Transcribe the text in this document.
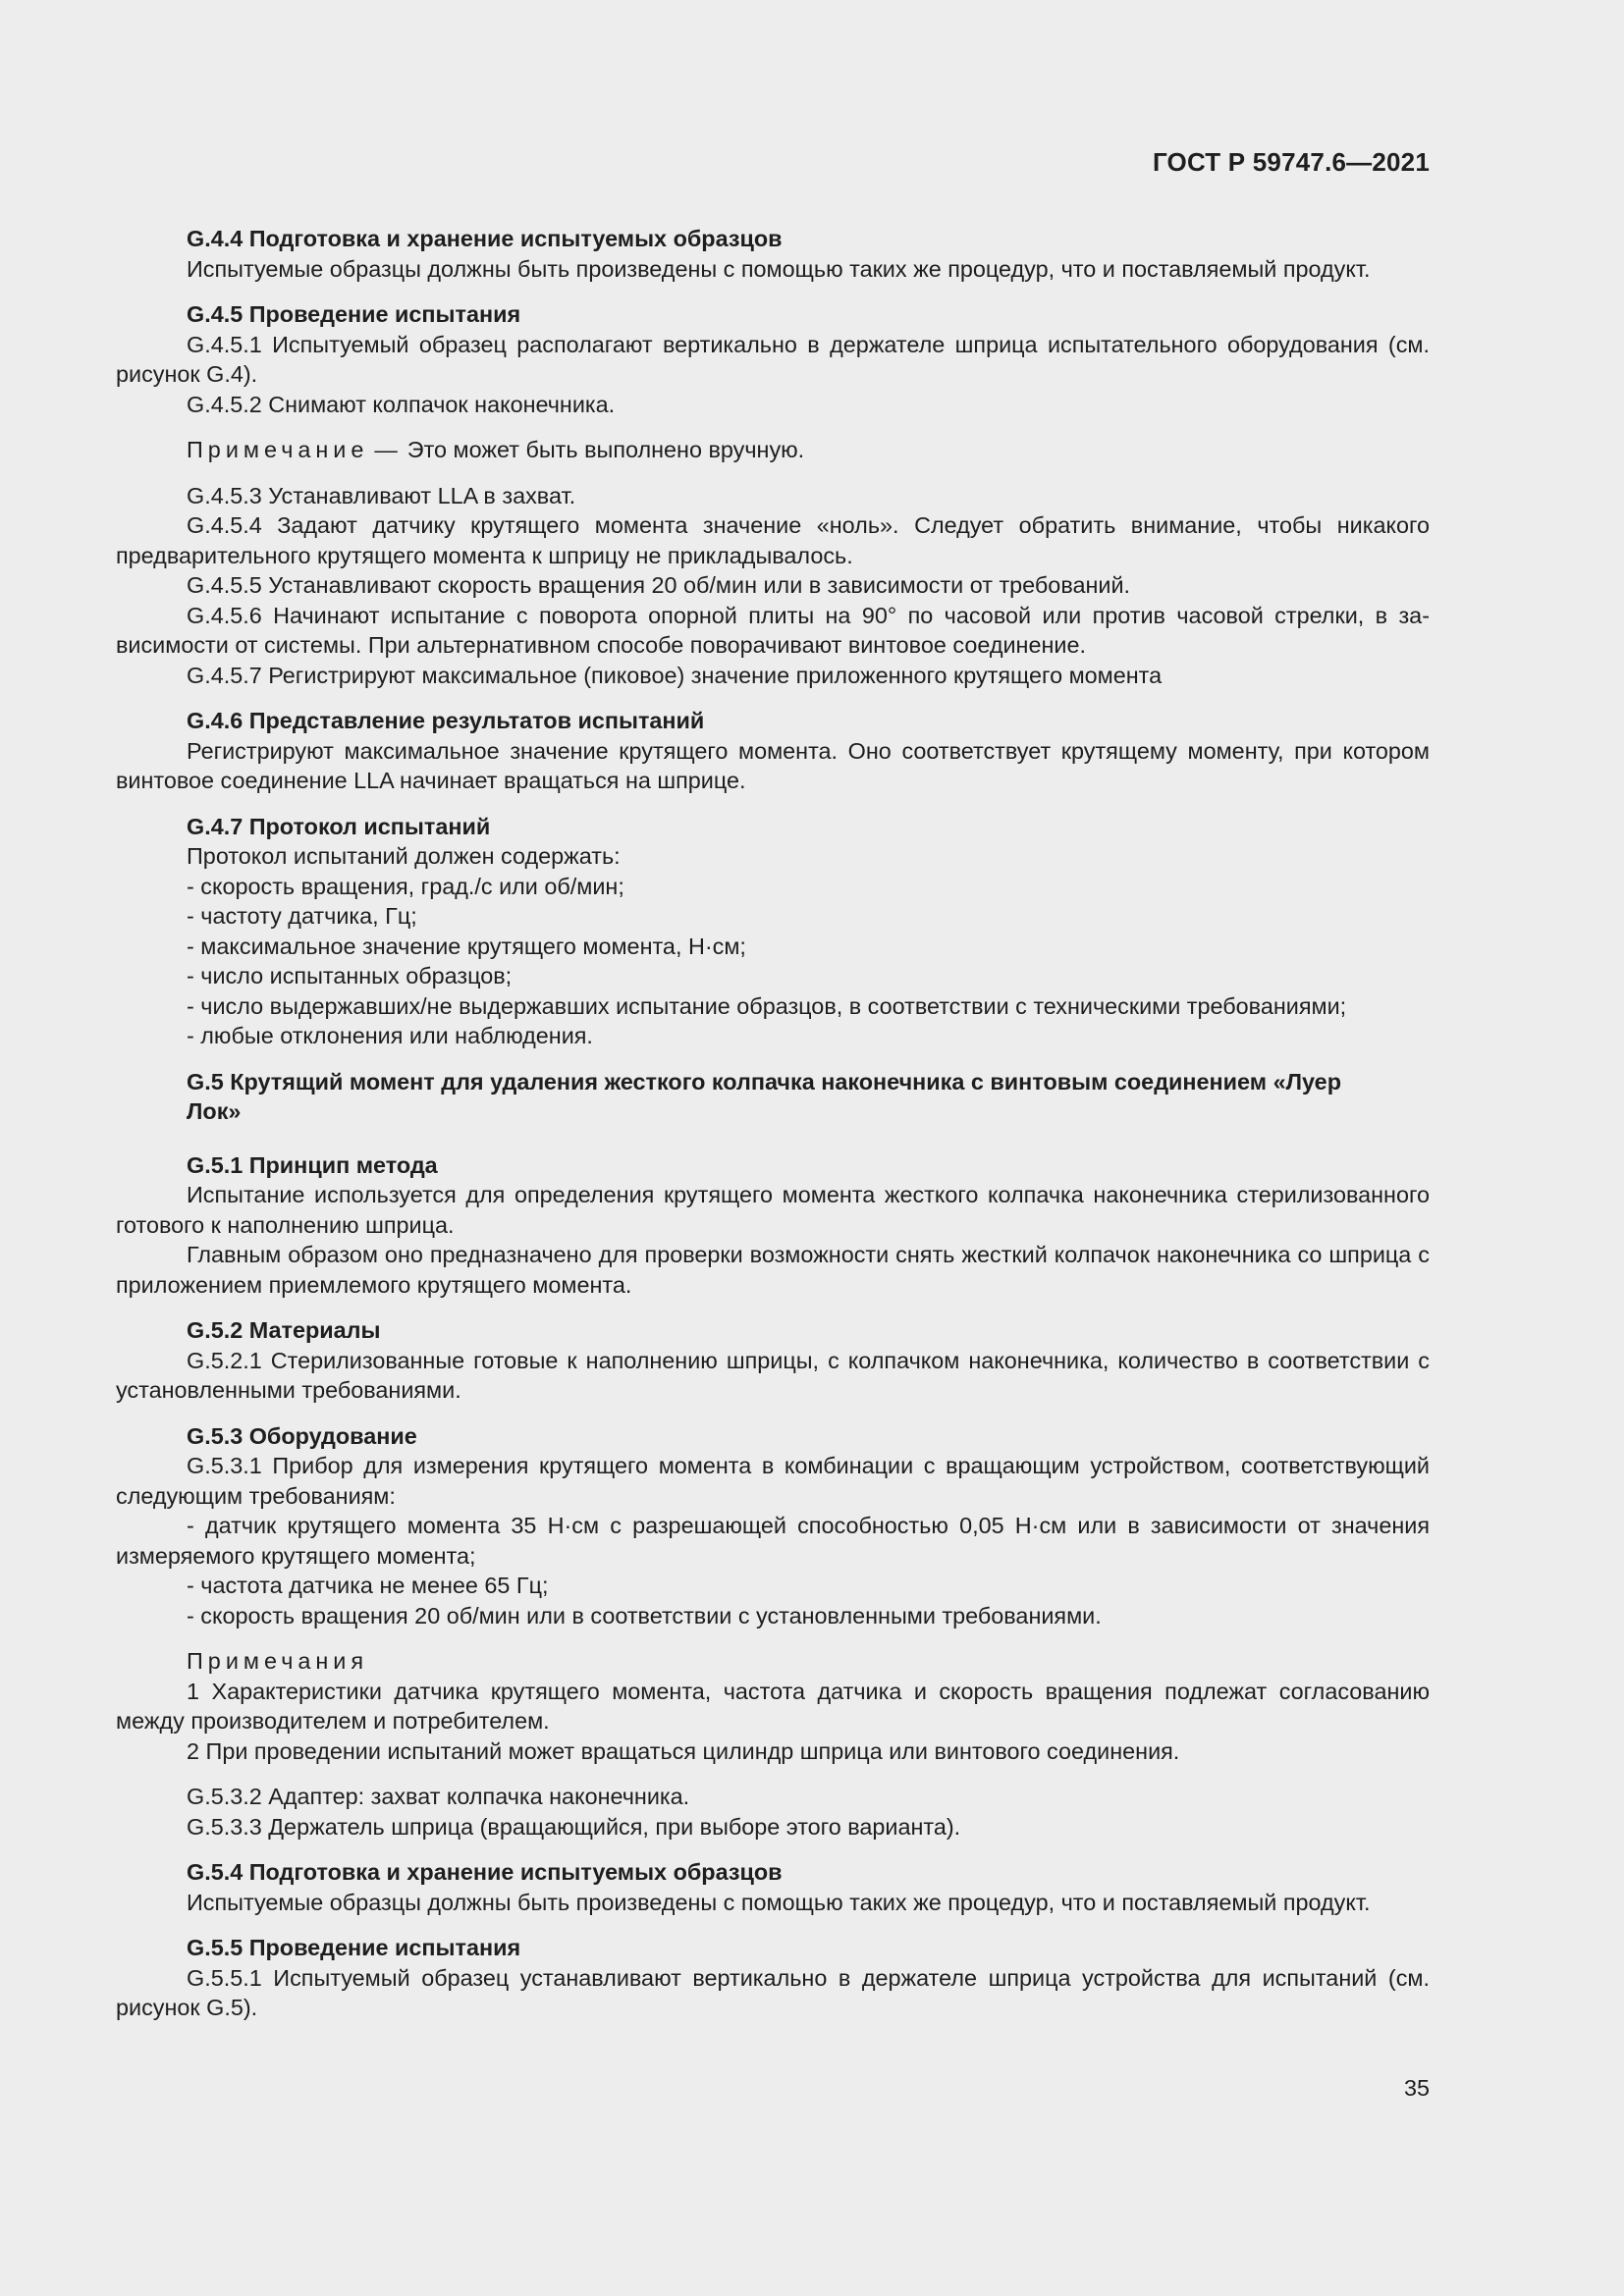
ГОСТ Р 59747.6—2021
G.4.4 Подготовка и хранение испытуемых образцов

Испытуемые образцы должны быть произведены с помощью таких же процедур, что и поставляемый продукт.

G.4.5 Проведение испытания

G.4.5.1 Испытуемый образец располагают вертикально в держателе шприца испытательного оборудования (см. рисунок G.4).

G.4.5.2 Снимают колпачок наконечника.

Примечание — Это может быть выполнено вручную.

G.4.5.3 Устанавливают LLA в захват.

G.4.5.4 Задают датчику крутящего момента значение «ноль». Следует обратить внимание, чтобы никакого предварительного крутящего момента к шприцу не прикладывалось.

G.4.5.5 Устанавливают скорость вращения 20 об/мин или в зависимости от требований.

G.4.5.6 Начинают испытание с поворота опорной плиты на 90° по часовой или против часовой стрелки, в зависимости от системы. При альтернативном способе поворачивают винтовое соединение.

G.4.5.7 Регистрируют максимальное (пиковое) значение приложенного крутящего момента

G.4.6 Представление результатов испытаний

Регистрируют максимальное значение крутящего момента. Оно соответствует крутящему моменту, при котором винтовое соединение LLA начинает вращаться на шприце.

G.4.7 Протокол испытаний

Протокол испытаний должен содержать:

- скорость вращения, град./с или об/мин;

- частоту датчика, Гц;

- максимальное значение крутящего момента, Н·см;

- число испытанных образцов;

- число выдержавших/не выдержавших испытание образцов, в соответствии с техническими требованиями;

- любые отклонения или наблюдения.

G.5 Крутящий момент для удаления жесткого колпачка наконечника с винтовым соединением «Луер Лок»
G.5.1 Принцип метода

Испытание используется для определения крутящего момента жесткого колпачка наконечника стерилизованного готового к наполнению шприца.

Главным образом оно предназначено для проверки возможности снять жесткий колпачок наконечника со шприца с приложением приемлемого крутящего момента.

G.5.2 Материалы

G.5.2.1 Стерилизованные готовые к наполнению шприцы, с колпачком наконечника, количество в соответствии с установленными требованиями.

G.5.3 Оборудование

G.5.3.1 Прибор для измерения крутящего момента в комбинации с вращающим устройством, соответствующий следующим требованиям:

- датчик крутящего момента 35 Н·см с разрешающей способностью 0,05 Н·см или в зависимости от значения измеряемого крутящего момента;

- частота датчика не менее 65 Гц;

- скорость вращения 20 об/мин или в соответствии с установленными требованиями.

Примечания

1 Характеристики датчика крутящего момента, частота датчика и скорость вращения подлежат согласованию между производителем и потребителем.

2 При проведении испытаний может вращаться цилиндр шприца или винтового соединения.

G.5.3.2 Адаптер: захват колпачка наконечника.

G.5.3.3 Держатель шприца (вращающийся, при выборе этого варианта).

G.5.4 Подготовка и хранение испытуемых образцов

Испытуемые образцы должны быть произведены с помощью таких же процедур, что и поставляемый продукт.

G.5.5 Проведение испытания

G.5.5.1 Испытуемый образец устанавливают вертикально в держателе шприца устройства для испытаний (см. рисунок G.5).

35
